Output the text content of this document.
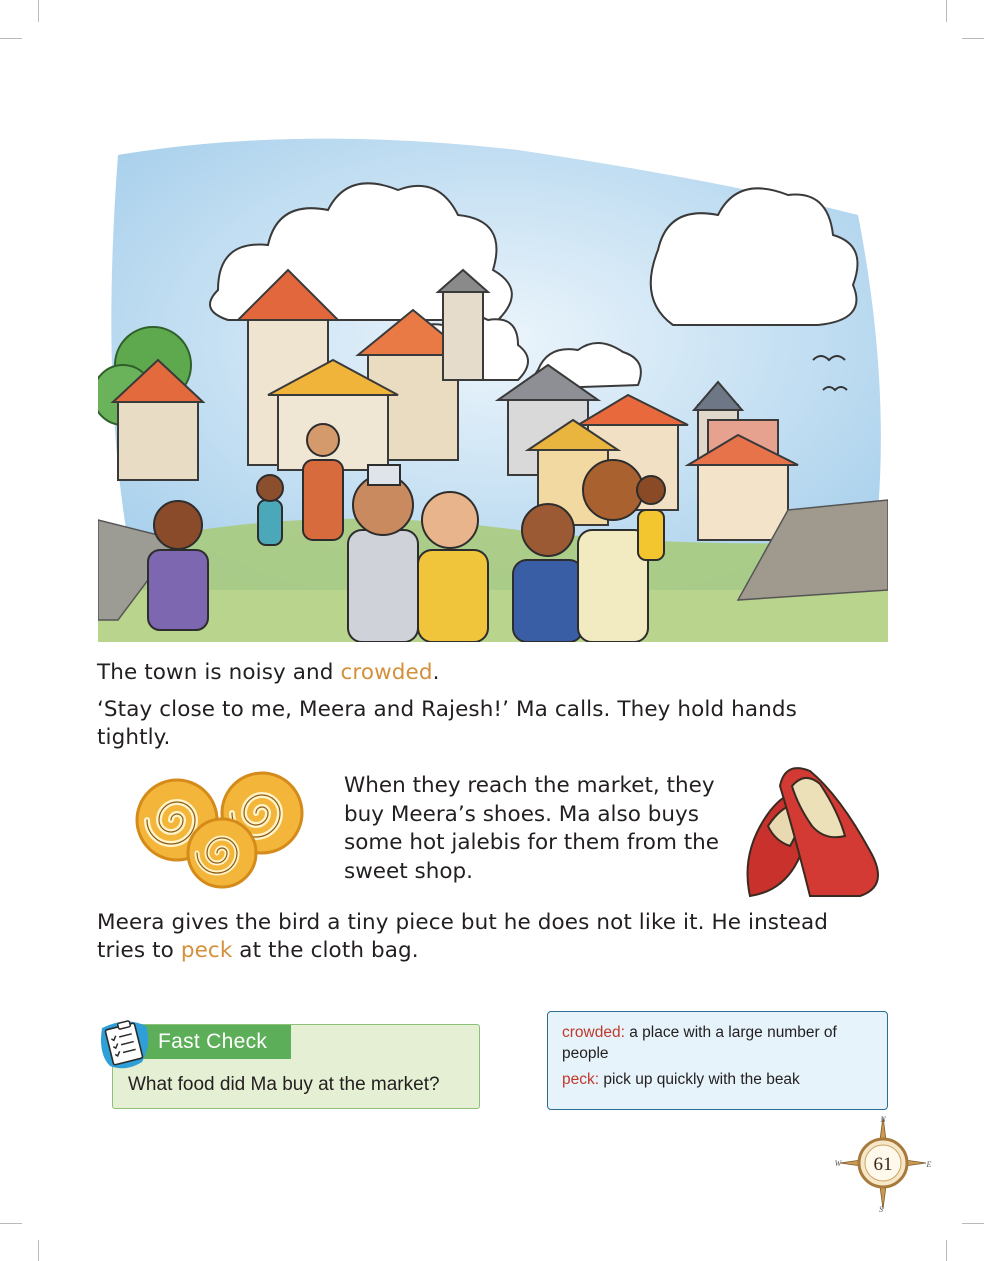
The town is noisy and crowded.

‘Stay close to me, Meera and Rajesh!’ Ma calls. They hold hands tightly.

When they reach the market, they buy Meera’s shoes. Ma also buys some hot jalebis for them from the sweet shop.

Meera gives the bird a tiny piece but he does not like it. He instead tries to peck at the cloth bag.

Fast Check

What food did Ma buy at the market?

crowded: a place with a large number of people

peck: pick up quickly with the beak

61
N
S
W	E
